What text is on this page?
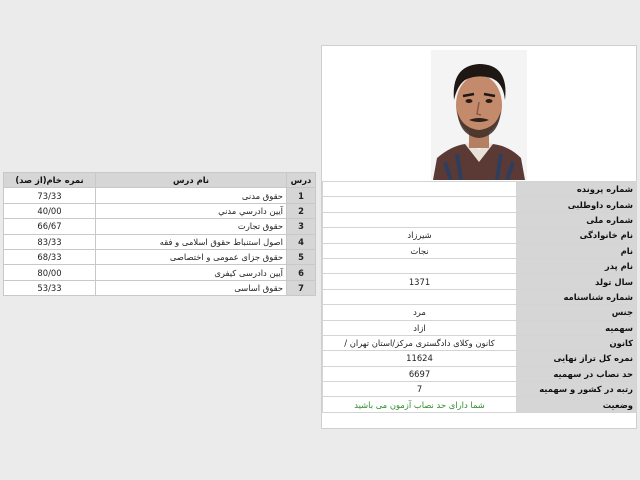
نمره خام(از صد)	نام درس	درس
73/33	حقوق مدنی	1
40/00	آیین دادرسي مدني	2
66/67	حقوق تجارت	3
83/33	اصول استنباط حقوق اسلامی و فقه	4
68/33	حقوق جزای عمومی و اختصاصی	5
80/00	آیین دادرسی کیفری	6
53/33	حقوق اساسی	7
	شماره پرونده
	شماره داوطلبی
	شماره ملی
شیرزاد	نام خانوادگی
نجات	نام
	نام پدر
1371	سال تولد
	شماره شناسنامه
مرد	جنس
ازاد	سهمیه
/ کانون وکلای دادگستری مرکز/استان تهران	کانون
11624	نمره کل تراز نهایی
6697	حد نصاب در سهمیه
7	رتبه در کشور و سهمیه
شما دارای حد نصاب آزمون می باشید	وضعیت
